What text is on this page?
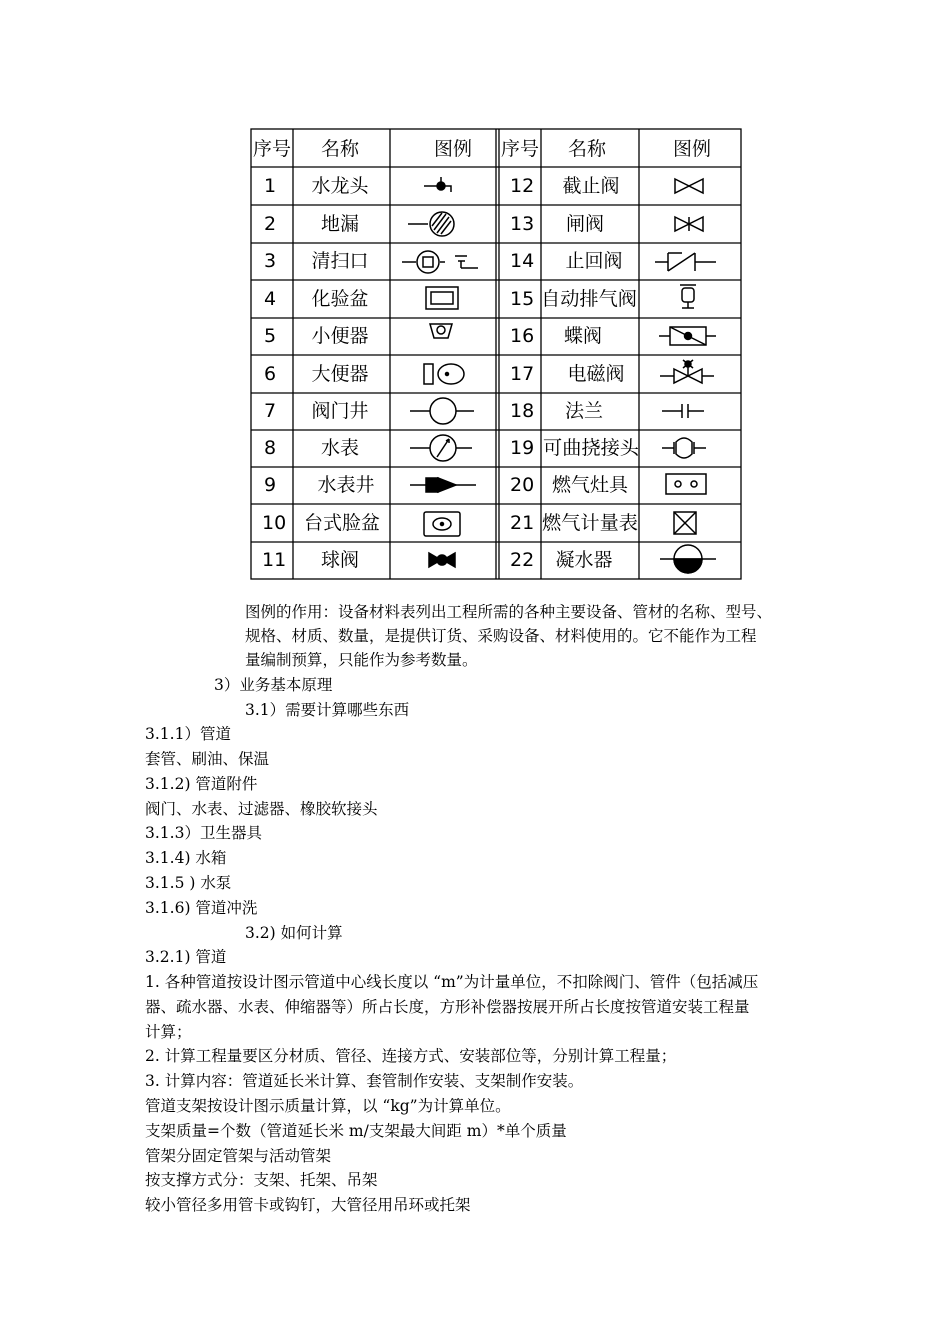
序号 名称	图例 序号 名称	图例
1
2
3
4
5
6
7
8
9
10
11
水龙头
地漏
清扫口
化验盆
小便器
大便器
阀门井
水表
水表井
台式脸盆
球阀
12
13
14
15
16
17
18
19
20
21
22
截止阀
闸阀
止回阀
自动排气阀
蝶阀
电磁阀
法兰
可曲挠接头
燃气灶具
燃气计量表
凝水器
图例的作用：设备材料表列出工程所需的各种主要设备、管材的名称、型号、
规格、材质、数量，是提供订货、采购设备、材料使用的。它不能作为工程
量编制预算，只能作为参考数量。
3）业务基本原理
3.1）需要计算哪些东西
3.1.1）管道
套管、刷油、保温
3.1.2) 管道附件
阀门、水表、过滤器、橡胶软接头
3.1.3）卫生器具
3.1.4) 水箱
3.1.5 ) 水泵
3.1.6) 管道冲洗
3.2) 如何计算
3.2.1) 管道
1. 各种管道按设计图示管道中心线长度以 “m”为计量单位，不扣除阀门、管件（包括减压
器、疏水器、水表、伸缩器等）所占长度，方形补偿器按展开所占长度按管道安装工程量
计算；
2. 计算工程量要区分材质、管径、连接方式、安装部位等，分别计算工程量；
3. 计算内容：管道延长米计算、套管制作安装、支架制作安装。
管道支架按设计图示质量计算，以 “kg”为计算单位。
支架质量=个数（管道延长米 m/支架最大间距 m）*单个质量
管架分固定管架与活动管架
按支撑方式分：支架、托架、吊架
较小管径多用管卡或钩钉，大管径用吊环或托架
